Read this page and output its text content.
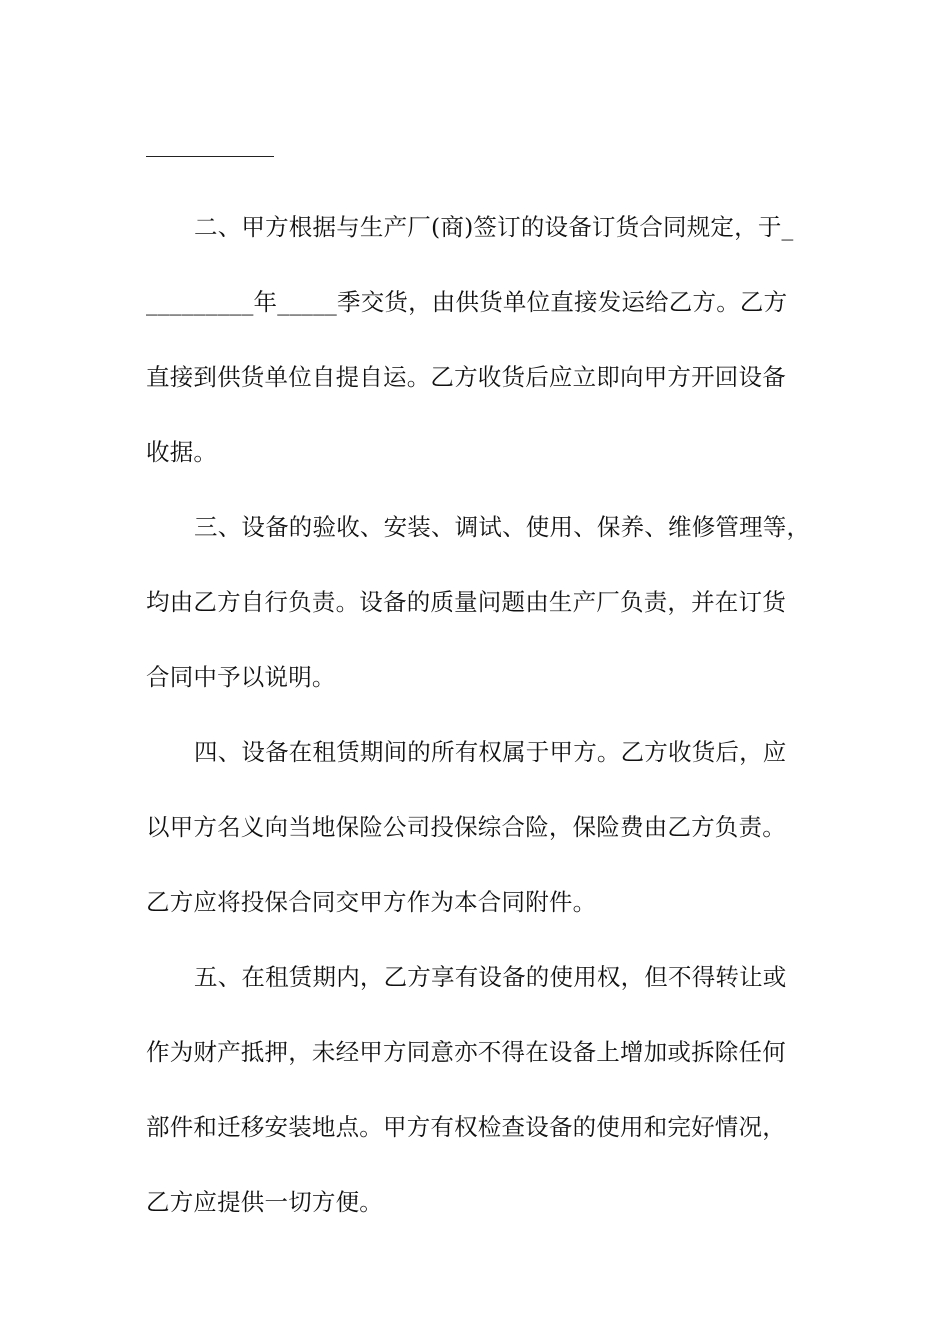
二、甲方根据与生产厂(商)签订的设备订货合同规定，于_
_________年_____季交货，由供货单位直接发运给乙方。乙方
直接到供货单位自提自运。乙方收货后应立即向甲方开回设备
收据。
三、设备的验收、安装、调试、使用、保养、维修管理等，
均由乙方自行负责。设备的质量问题由生产厂负责，并在订货
合同中予以说明。
四、设备在租赁期间的所有权属于甲方。乙方收货后，应
以甲方名义向当地保险公司投保综合险，保险费由乙方负责。
乙方应将投保合同交甲方作为本合同附件。
五、在租赁期内，乙方享有设备的使用权，但不得转让或
作为财产抵押，未经甲方同意亦不得在设备上增加或拆除任何
部件和迁移安装地点。甲方有权检查设备的使用和完好情况，
乙方应提供一切方便。
